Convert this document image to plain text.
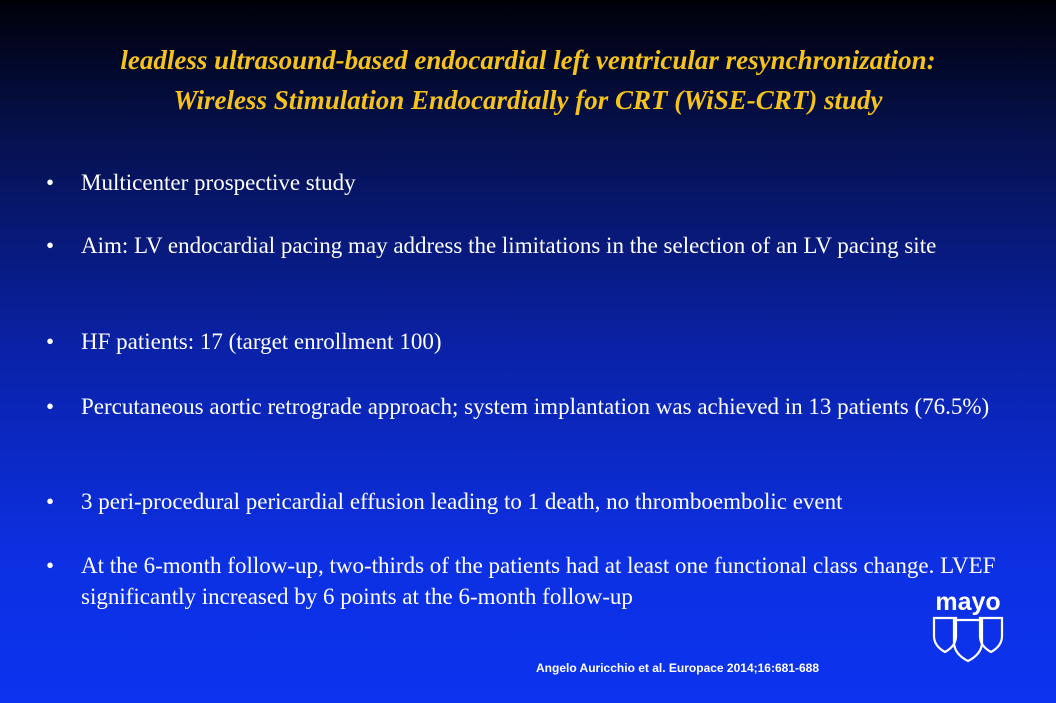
leadless ultrasound-based endocardial left ventricular resynchronization:
Wireless Stimulation Endocardially for CRT (WiSE-CRT) study
• Multicenter prospective study
• Aim: LV endocardial pacing may address the limitations in the selection of an LV pacing site
• HF patients: 17 (target enrollment 100)
• Percutaneous aortic retrograde approach; system implantation was achieved in 13 patients (76.5%)
• 3 peri-procedural pericardial effusion leading to 1 death, no thromboembolic event
• At the 6-month follow-up, two-thirds of the patients had at least one functional class change. LVEF significantly increased by 6 points at the 6-month follow-up	mayo
Angelo Auricchio et al. Europace 2014;16:681-688
